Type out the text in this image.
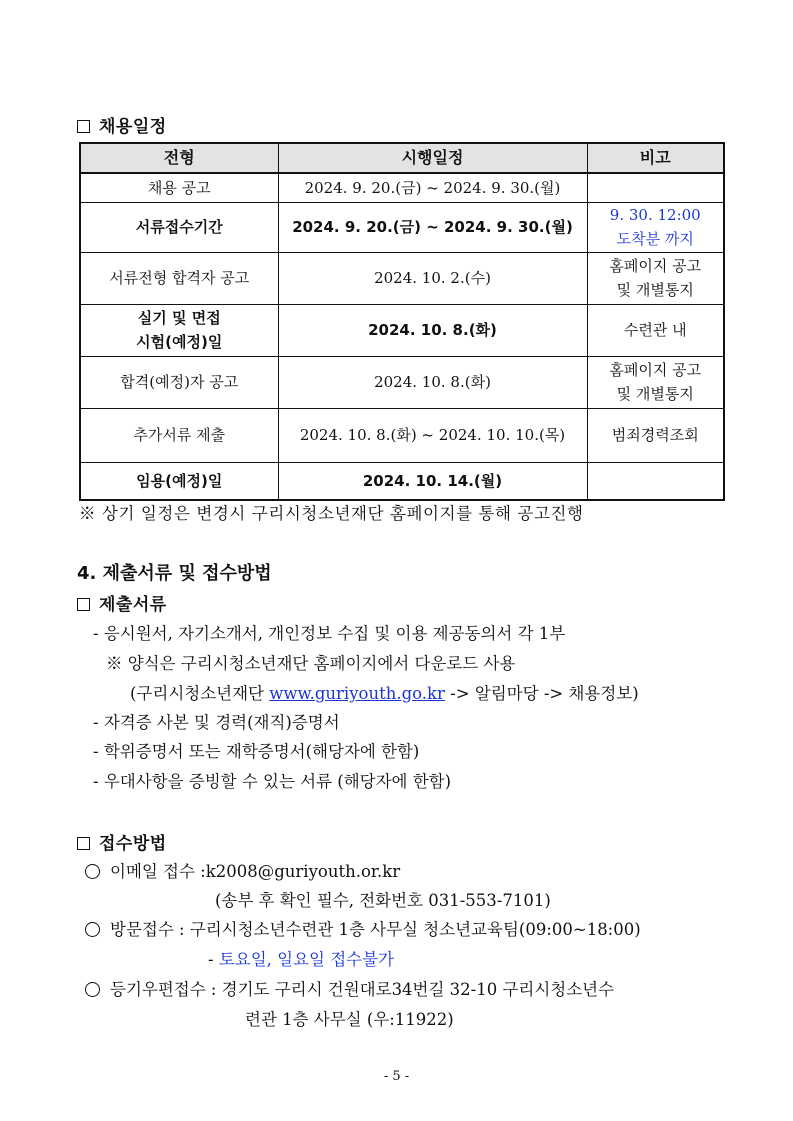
채용일정
전형	시행일정	비고
채용 공고	2024. 9. 20.(금) ~ 2024. 9. 30.(월)	
서류접수기간	2024. 9. 20.(금) ~ 2024. 9. 30.(월)	9. 30. 12:00
도착분 까지

서류전형 합격자 공고	2024. 10. 2.(수)	홈페이지 공고
및 개별통지

실기 및 면접
시험(예정)일	2024. 10. 8.(화)	수련관 내
합격(예정)자 공고	2024. 10. 8.(화)	홈페이지 공고
및 개별통지

추가서류 제출	2024. 10. 8.(화) ~ 2024. 10. 10.(목)	범죄경력조회
임용(예정)일	2024. 10. 14.(월)	
※ 상기 일정은 변경시 구리시청소년재단 홈페이지를 통해 공고진행
4. 제출서류 및 접수방법
제출서류
- 응시원서, 자기소개서, 개인정보 수집 및 이용 제공동의서 각 1부
※ 양식은 구리시청소년재단 홈페이지에서 다운로드 사용
(구리시청소년재단 www.guriyouth.go.kr -> 알림마당 -> 채용정보)
- 자격증 사본 및 경력(재직)증명서
- 학위증명서 또는 재학증명서(해당자에 한함)
- 우대사항을 증빙할 수 있는 서류 (해당자에 한함)
접수방법
이메일 접수 :k2008@guriyouth.or.kr
(송부 후 확인 필수, 전화번호 031-553-7101)
방문접수 : 구리시청소년수련관 1층 사무실 청소년교육팀(09:00~18:00)
- 토요일, 일요일 접수불가
등기우편접수 : 경기도 구리시 건원대로34번길 32-10 구리시청소년수
련관 1층 사무실 (우:11922)
- 5 -
